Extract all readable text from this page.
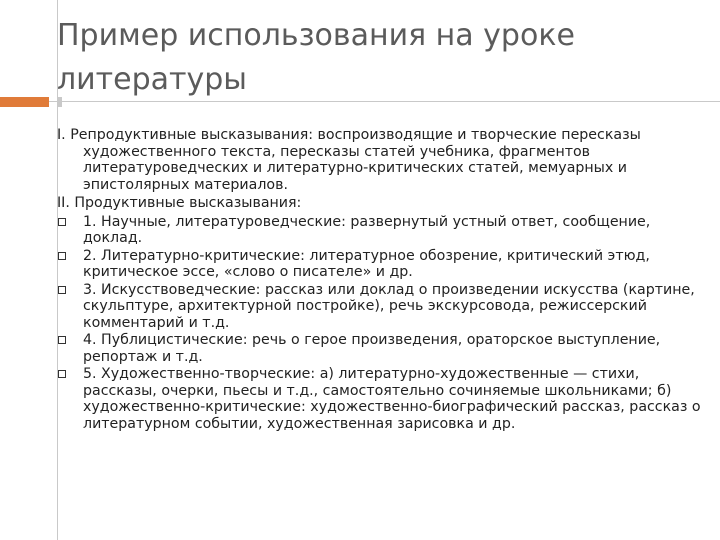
Пример использования на уроке литературы

I. Репродуктивные высказывания: воспроизводящие и творческие пересказы художественного текста, пересказы статей учебника, фрагментов литературоведческих и литературно-критических статей, мемуарных и эпистолярных материалов.

II. Продуктивные высказывания:

1. Научные, литературоведческие: развернутый устный ответ, сообщение, доклад.
2. Литературно-критические: литературное обозрение, критический этюд, критическое эссе, «слово о писателе» и др.
3. Искусствоведческие: рассказ или доклад о произведении искусства (картине, скульптуре, архитектурной постройке), речь экскурсовода, режиссерский комментарий и т.д.
4. Публицистические: речь о герое произведения, ораторское выступление, репортаж и т.д.
5. Художественно-творческие: а) литературно-художественные — стихи, рассказы, очерки, пьесы и т.д., самостоятельно сочиняемые школьниками; б) художественно-критические: художественно-биографический рассказ, рассказ о литературном событии, художественная зарисовка и др.
